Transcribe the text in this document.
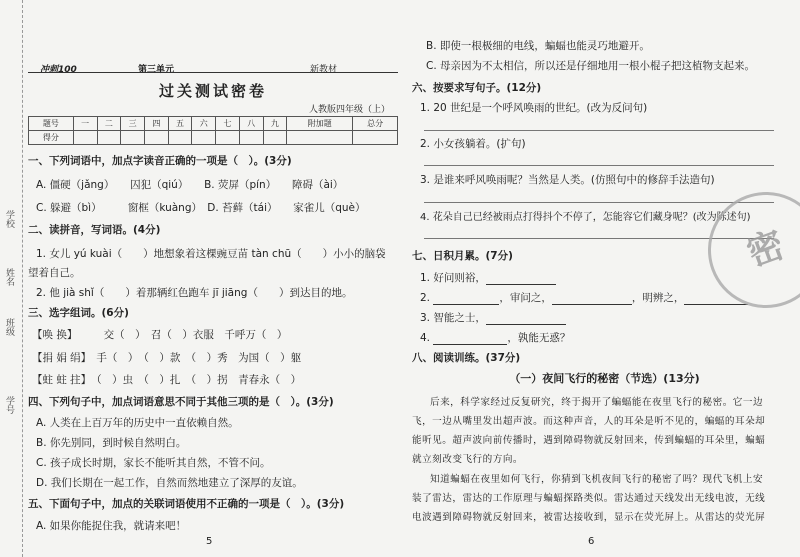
学校
姓名
班级
学号
冲刺100	第三单元	新教材
过关测试密卷
人教版四年级（上）
题号	一	二	三	四	五	六	七	八	九	附加题	总分
得分											
一、下列词语中，加点字读音正确的一项是（　）。(3分)
A. 僵硬（jǎng）　　囚犯（qiú）　　B. 荧屏（pín）　　障碍（ài）
C. 躲避（bì）　　　窗框（kuàng）　D. 苔藓（tái）　　家雀儿（què）
二、读拼音，写词语。(4分)
1. 女儿 yú kuài（　　）地想象着这棵豌豆苗 tàn chū（　　）小小的脑袋
望着自己。
2. 他 jià shǐ（　　）着那辆红色跑车 jī jiāng（　　）到达目的地。
三、选字组词。(6分)
【唤 换】　　　交（　）　召（　）衣服　千呼万（　）
【捐 娟 绢】　手（　）　（　）款　（　）秀　为国（　）躯
【蛀 蛀 拄】　（　）虫　（　）扎　（　）拐　青春永（　）
四、下列句子中，加点词语意思不同于其他三项的是（　）。(3分)
A. 人类在上百万年的历史中一直依赖自然。
B. 你先别同，到时候自然明白。
C. 孩子成长时期，家长不能听其自然，不管不问。
D. 我们长期在一起工作，自然而然地建立了深厚的友谊。
五、下面句子中，加点的关联词语使用不正确的一项是（　）。(3分)
A. 如果你能捉住我，就请来吧！
5
B. 即使一根极细的电线，蝙蝠也能灵巧地避开。
C. 母亲因为不太相信，所以还是仔细地用一根小棍子把这植物支起来。
六、按要求写句子。(12分)
1. 20 世纪是一个呼风唤雨的世纪。(改为反问句)
2. 小女孩躺着。(扩句)
3. 是谁来呼风唤雨呢？当然是人类。(仿照句中的修辞手法造句)
4. 花朵自己已经被雨点打得抖个不停了，怎能容它们藏身呢？(改为陈述句)
七、日积月累。(7分)
1. 好问则裕，
2.	，审问之，	，明辨之，
3. 智能之士，
4.	，孰能无惑？
八、阅读训练。(37分)
（一）夜间飞行的秘密（节选）(13分)
后来，科学家经过反复研究，终于揭开了蝙蝠能在夜里飞行的秘密。它一边
飞，一边从嘴里发出超声波。而这种声音，人的耳朵是听不见的，蝙蝠的耳朵却
能听见。超声波向前传播时，遇到障碍物就反射回来，传到蝙蝠的耳朵里，蝙蝠
就立刻改变飞行的方向。
知道蝙蝠在夜里如何飞行，你猜到飞机夜间飞行的秘密了吗？现代飞机上安
装了雷达，雷达的工作原理与蝙蝠探路类似。雷达通过天线发出无线电波，无线
电波遇到障碍物就反射回来，被雷达接收到，显示在荧光屏上。从雷达的荧光屏
6
密
